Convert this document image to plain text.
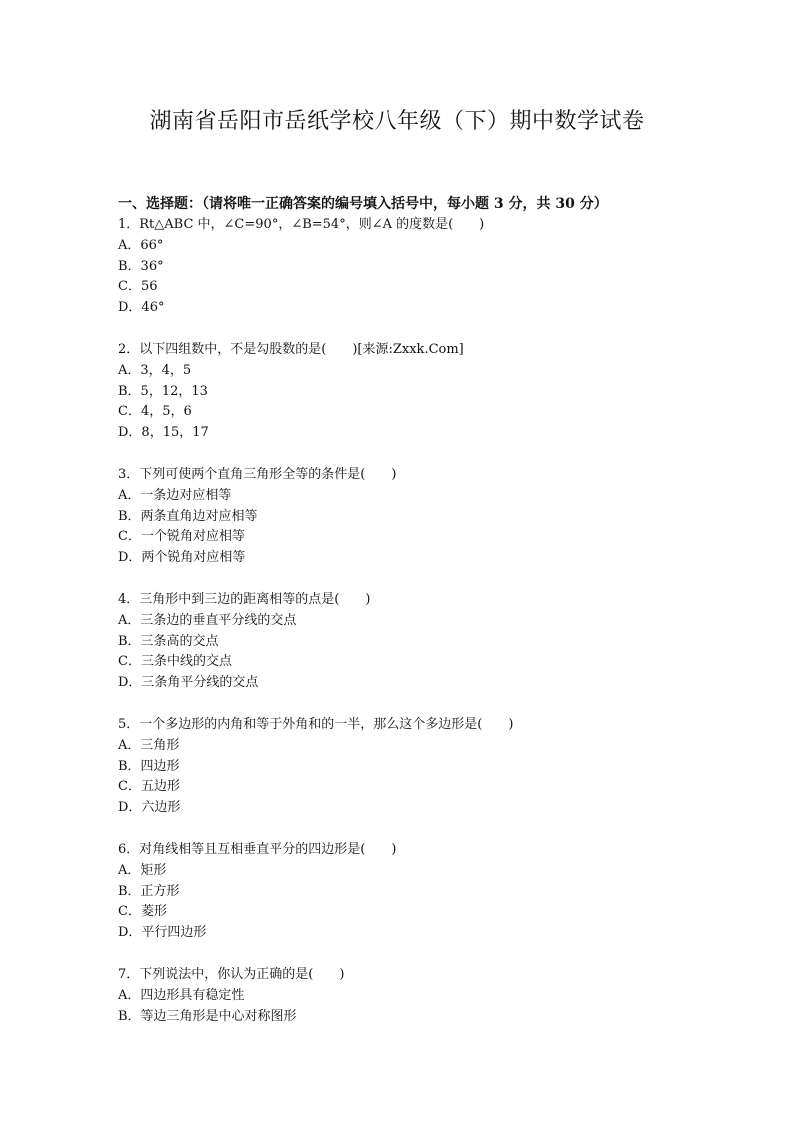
湖南省岳阳市岳纸学校八年级（下）期中数学试卷
一、选择题：（请将唯一正确答案的编号填入括号中，每小题 3 分，共 30 分）
1．Rt△ABC 中，∠C=90°，∠B=54°，则∠A 的度数是(　　)
A．66°
B．36°
C．56
D．46°
2．以下四组数中，不是勾股数的是(　　)[来源:Zxxk.Com]
A．3，4，5
B．5，12，13
C．4，5，6
D．8，15，17
3．下列可使两个直角三角形全等的条件是(　　)
A．一条边对应相等
B．两条直角边对应相等
C．一个锐角对应相等
D．两个锐角对应相等
4．三角形中到三边的距离相等的点是(　　)
A．三条边的垂直平分线的交点
B．三条高的交点
C．三条中线的交点
D．三条角平分线的交点
5．一个多边形的内角和等于外角和的一半，那么这个多边形是(　　)
A．三角形
B．四边形
C．五边形
D．六边形
6．对角线相等且互相垂直平分的四边形是(　　)
A．矩形
B．正方形
C．菱形
D．平行四边形
7．下列说法中，你认为正确的是(　　)
A．四边形具有稳定性
B．等边三角形是中心对称图形
